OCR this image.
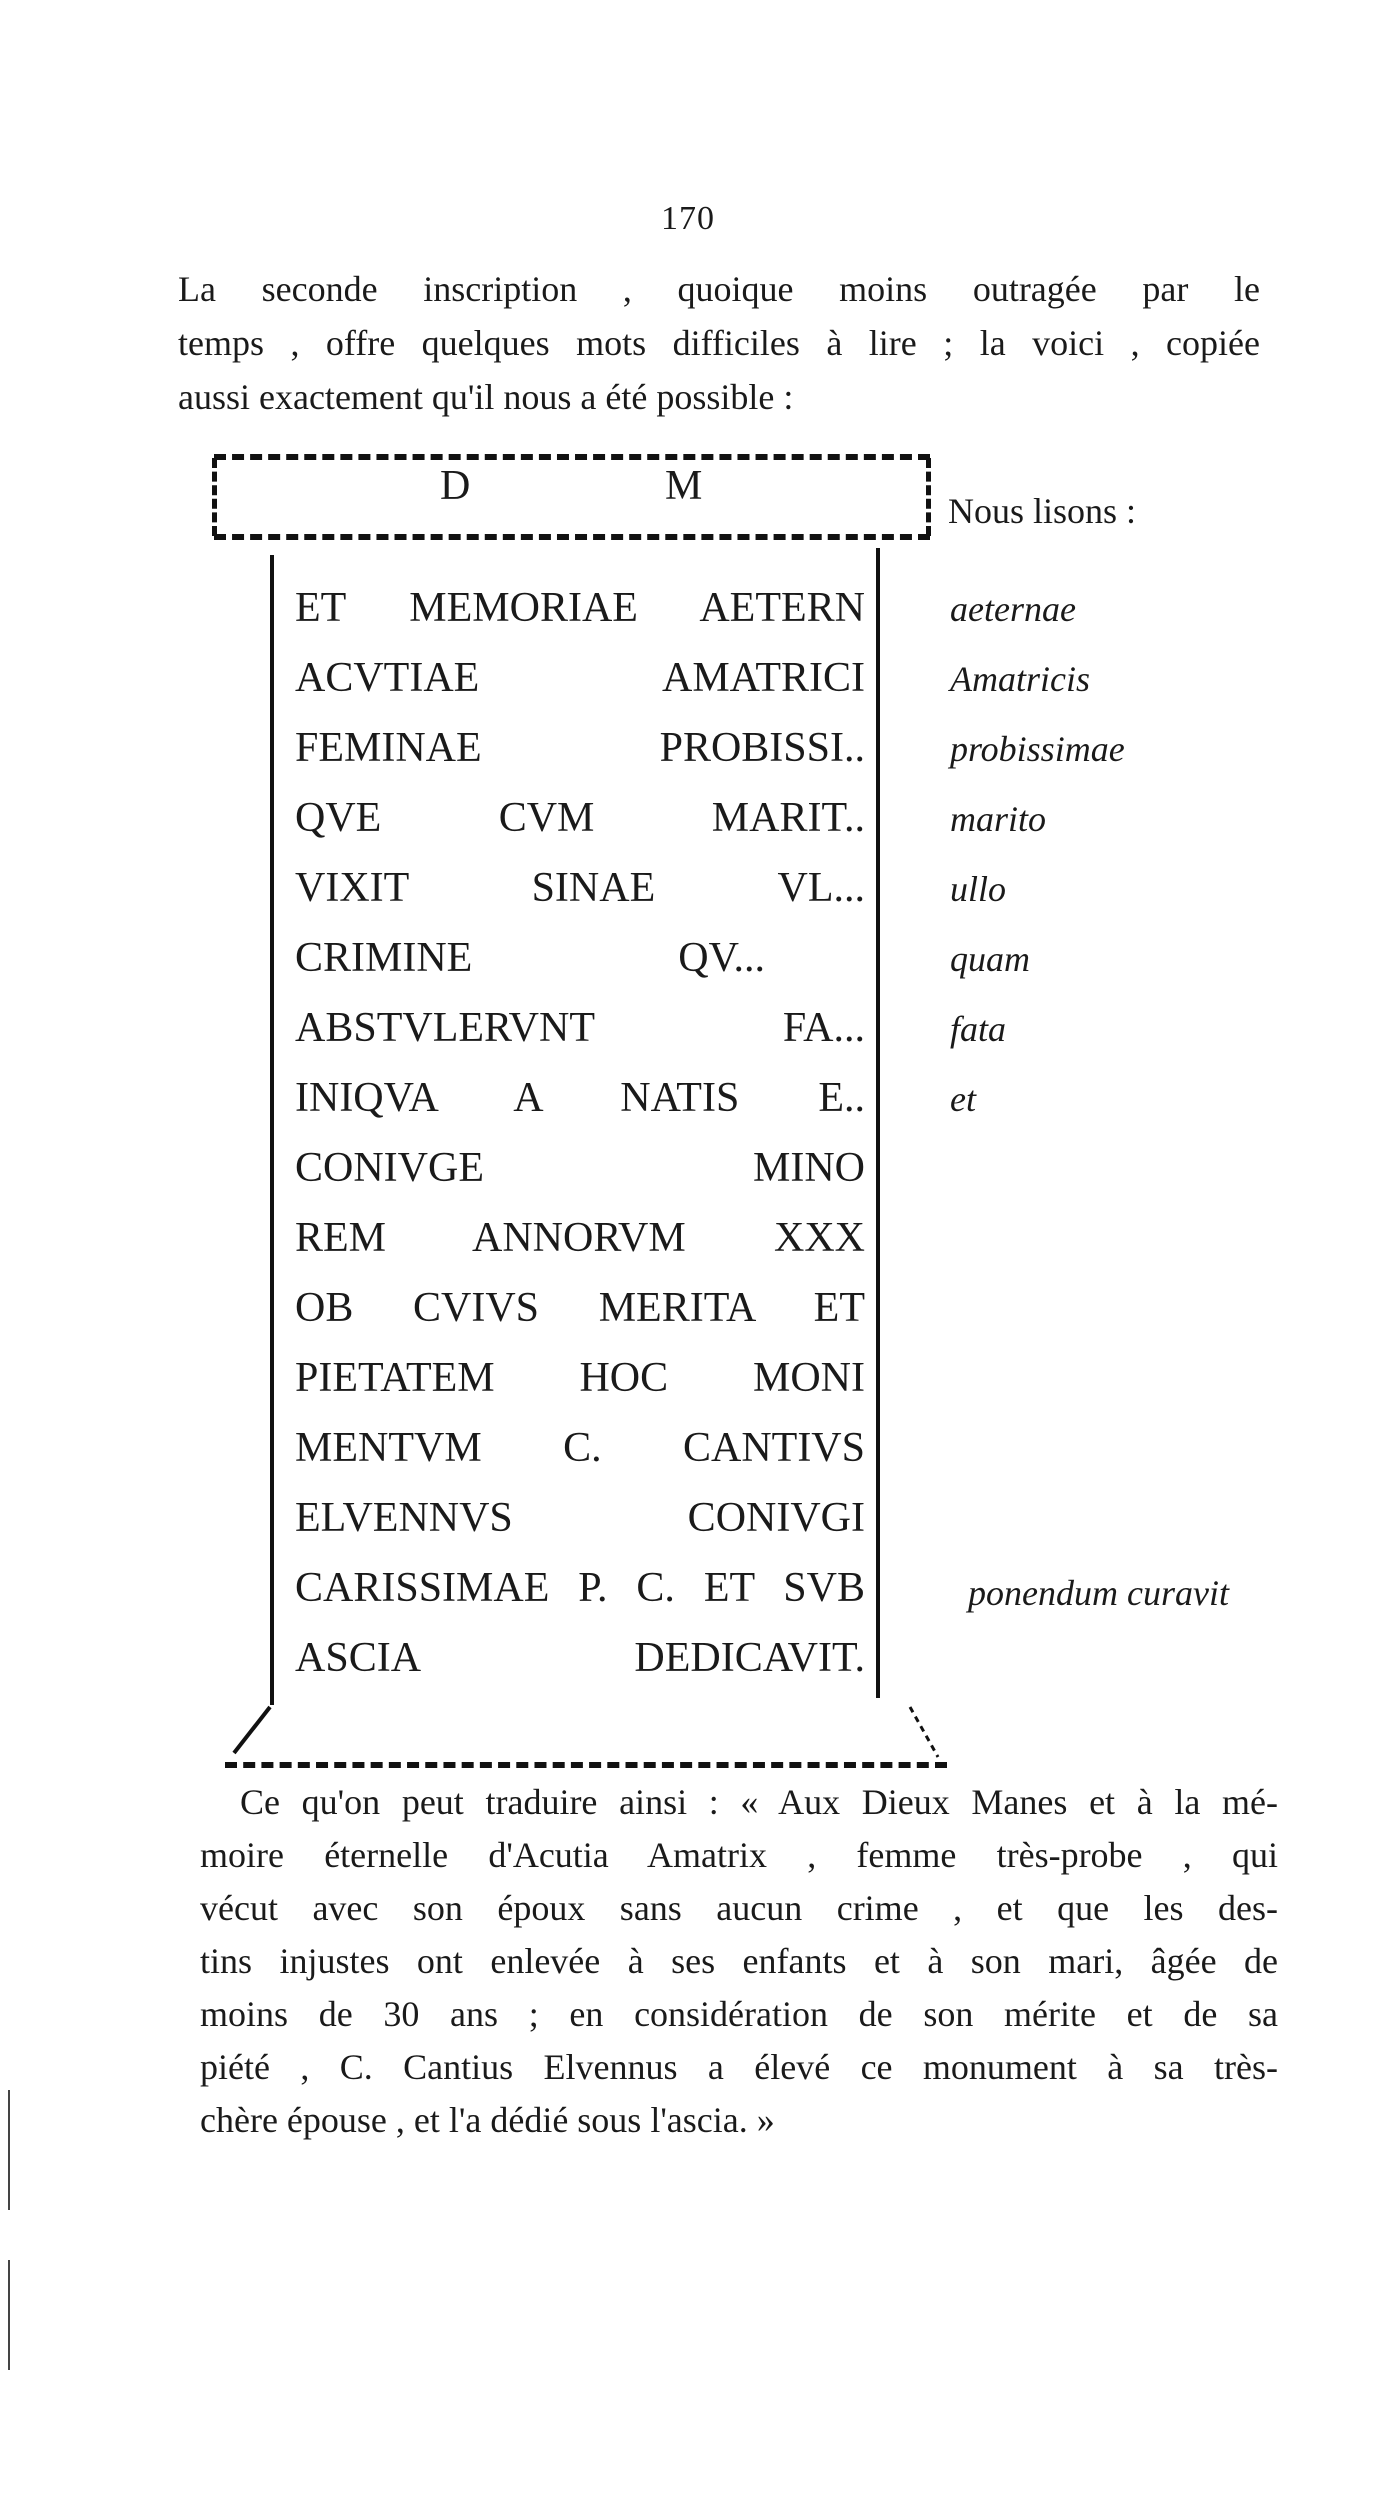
170
La seconde inscription , quoique moins outragée par le
temps , offre quelques mots difficiles à lire ; la voici , copiée
aussi exactement qu'il nous a été possible :
D	M
ET MEMORIAE AETERN
ACVTIAE AMATRICI
FEMINAE PROBISSI..
QVE CVM MARIT..
VIXIT SINAE VL...
CRIMINE QV...
ABSTVLERVNT FA...
INIQVA A NATIS E..
CONIVGE MINO
REM ANNORVM XXX
OB CVIVS MERITA ET
PIETATEM HOC MONI
MENTVM C. CANTIVS
ELVENNVS CONIVGI
CARISSIMAE P. C. ET SVB
ASCIA DEDICAVIT.
Nous lisons :
aeternae
Amatricis
probissimae
marito
ullo
quam
fata
et
ponendum curavit
Ce qu'on peut traduire ainsi : « Aux Dieux Manes et à la mé-
moire éternelle d'Acutia Amatrix , femme très-probe , qui
vécut avec son époux sans aucun crime , et que les des-
tins injustes ont enlevée à ses enfants et à son mari, âgée de
moins de 30 ans ; en considération de son mérite et de sa
piété , C. Cantius Elvennus a élevé ce monument à sa très-
chère épouse , et l'a dédié sous l'ascia. »
